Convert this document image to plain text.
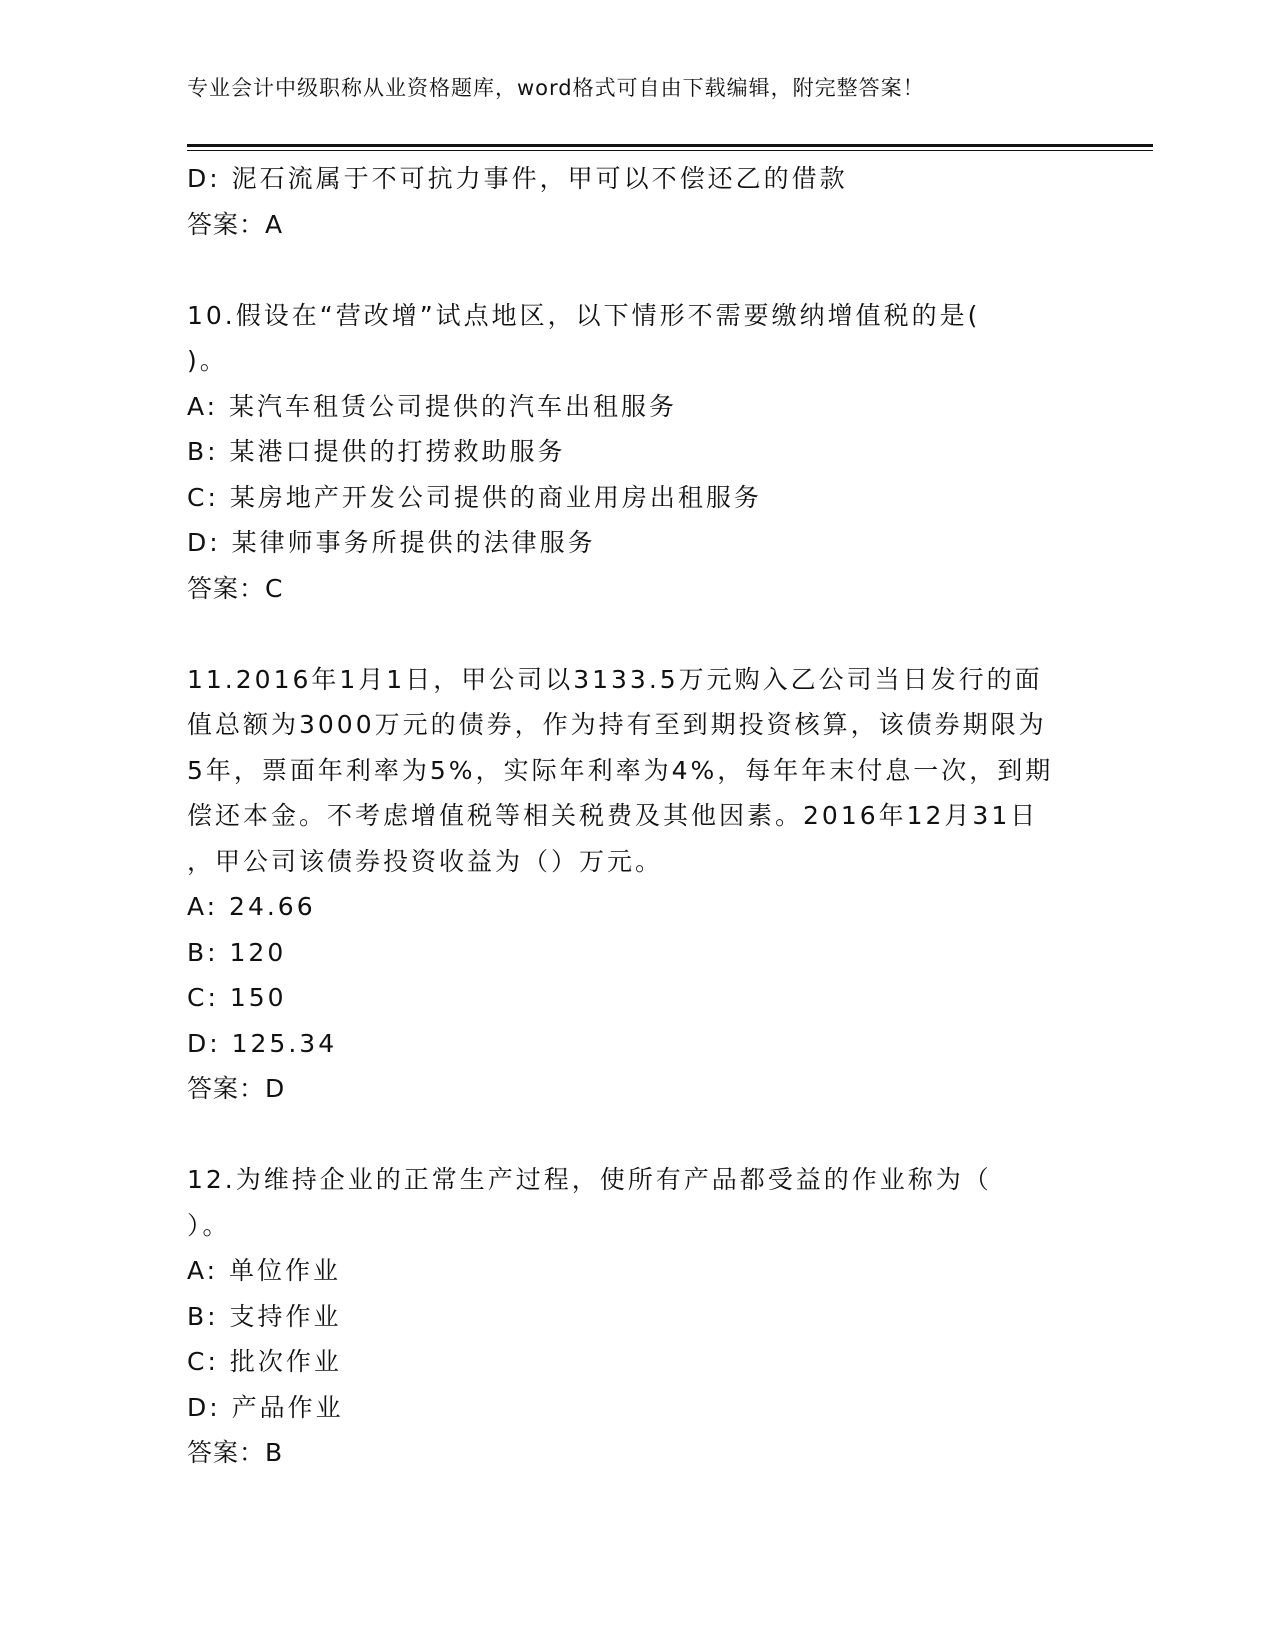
专业会计中级职称从业资格题库，word格式可自由下载编辑，附完整答案！
D: 泥石流属于不可抗力事件，甲可以不偿还乙的借款
答案：A
10.假设在“营改增”试点地区，以下情形不需要缴纳增值税的是(
)。
A: 某汽车租赁公司提供的汽车出租服务
B: 某港口提供的打捞救助服务
C: 某房地产开发公司提供的商业用房出租服务
D: 某律师事务所提供的法律服务
答案：C
11.2016年1月1日，甲公司以3133.5万元购入乙公司当日发行的面
值总额为3000万元的债券，作为持有至到期投资核算，该债券期限为
5年，票面年利率为5%，实际年利率为4%，每年年末付息一次，到期
偿还本金。不考虑增值税等相关税费及其他因素。2016年12月31日
，甲公司该债券投资收益为（）万元。
A: 24.66
B: 120
C: 150
D: 125.34
答案：D
12.为维持企业的正常生产过程，使所有产品都受益的作业称为（
）。
A: 单位作业
B: 支持作业
C: 批次作业
D: 产品作业
答案：B
